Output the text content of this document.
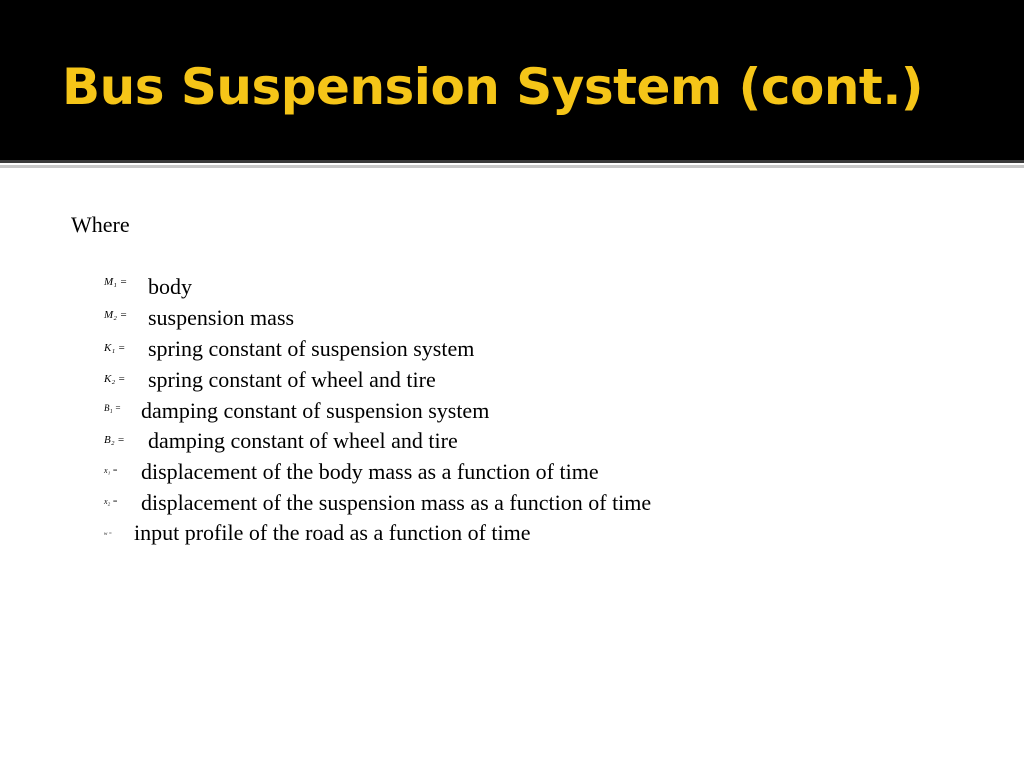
Bus Suspension System (cont.)
Where
M₁ = body
M₂ = suspension mass
K₁ = spring constant of suspension system
K₂ = spring constant of wheel and tire
B₁ = damping constant of suspension system
B₂ = damping constant of wheel and tire
x₁ = displacement of the body mass as a function of time
x₂ = displacement of the suspension mass as a function of time
w = input profile of the road as a function of time
